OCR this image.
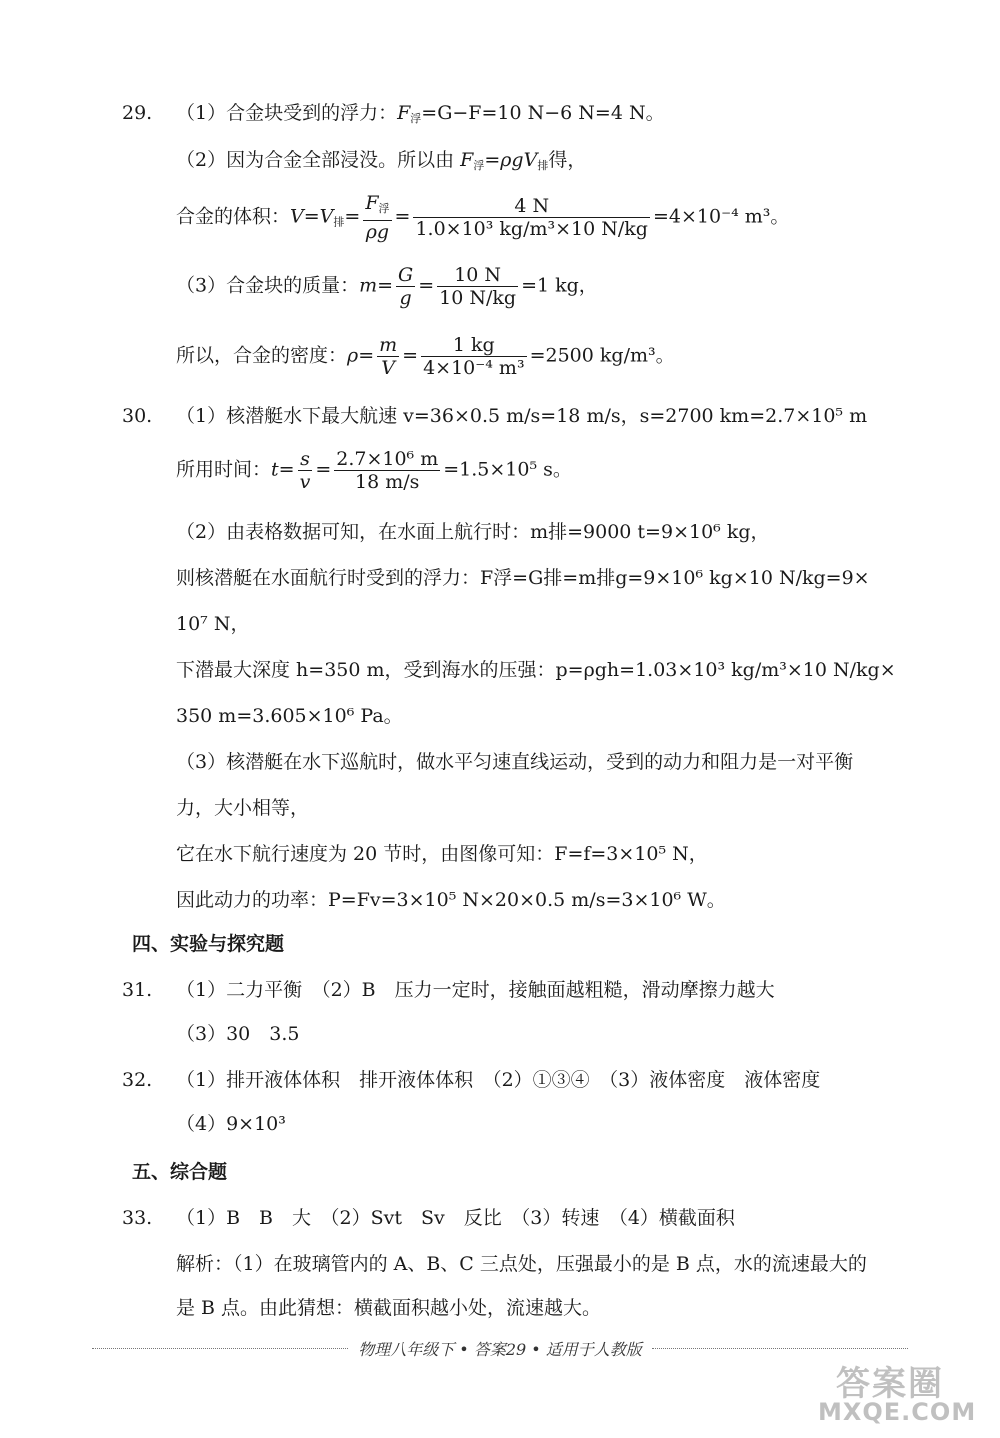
29. （1）合金块受到的浮力：$F_浮=G-F=10$ N−6 N=4 N。
（2）因为合金全部浸没。所以由 $F_浮=\rho gV_排$得，
合金的体积：$V=V_排= \frac{F_浮}{\rho g} = \frac{4 N}{\text{1.0×10³ kg/m³×10 N/kg}} =4\times 10^{-4}$ m³。
（3）合金块的质量：$m= \frac{G}{g} = \frac{10 N}{10 N/kg} =1$ kg，
所以，合金的密度：$\rho= \frac{m}{V} = \frac{1 kg}{\text{4×10⁻⁴ m³}} =2500$ kg/m³。
30. （1）核潜艇水下最大航速 v=36×0.5 m/s=18 m/s，s=2700 km=2.7×10⁵ m
所用时间：$t= \frac{s}{v} = \frac{\text{2.7×10⁶ m}}{18 m/s} =1.5\times 10^5$ s。
（2）由表格数据可知，在水面上航行时：m排=9000 t=9×10⁶ kg，
则核潜艇在水面航行时受到的浮力：F浮=G排=m排g=9×10⁶ kg×10 N/kg=9×
10⁷ N，
下潜最大深度 h=350 m，受到海水的压强：p=ρgh=1.03×10³ kg/m³×10 N/kg×
350 m=3.605×10⁶ Pa。
（3）核潜艇在水下巡航时，做水平匀速直线运动，受到的动力和阻力是一对平衡
力，大小相等，
它在水下航行速度为 20 节时，由图像可知：F=f=3×10⁵ N，
因此动力的功率：P=Fv=3×10⁵ N×20×0.5 m/s=3×10⁶ W。
四、实验与探究题
31. （1）二力平衡　（2）B　压力一定时，接触面越粗糙，滑动摩擦力越大
（3）30　3.5
32. （1）排开液体体积　排开液体体积　（2）①③④　（3）液体密度　液体密度
（4）9×10³
五、综合题
33. （1）B　B　大　（2）Svt　Sv　反比　（3）转速　（4）横截面积
解析：（1）在玻璃管内的 A、B、C 三点处，压强最小的是 B 点，水的流速最大的
是 B 点。由此猜想：横截面积越小处，流速越大。
物理八年级下 • 答案29 • 适用于人教版
答案圈
MXQE.COM
